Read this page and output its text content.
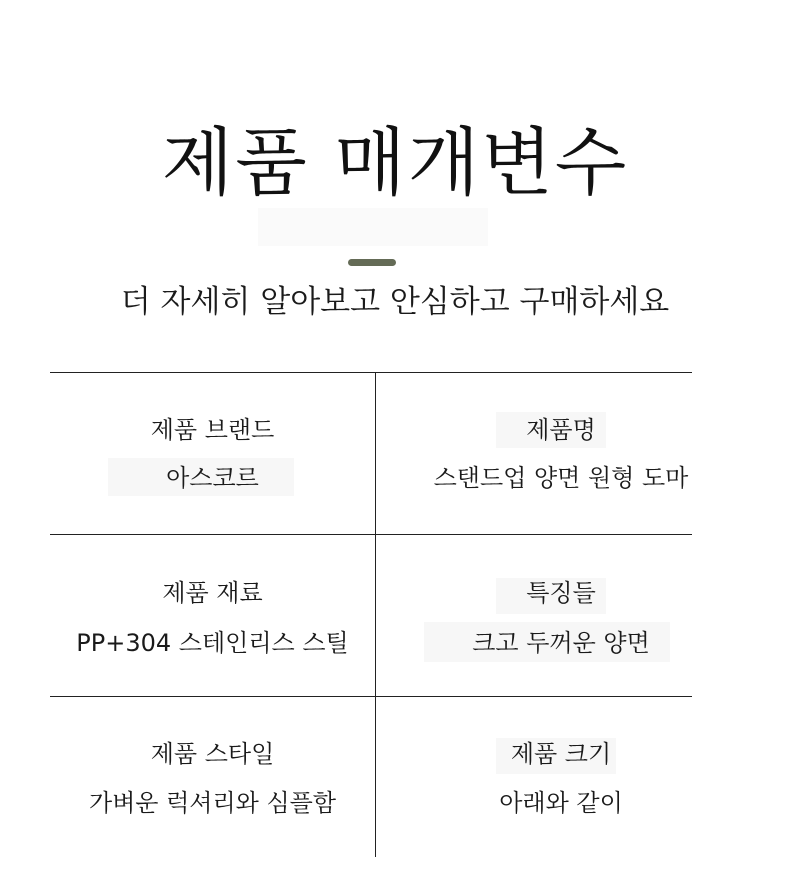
제품 매개변수
더 자세히 알아보고 안심하고 구매하세요
제품 브랜드
아스코르
제품명
스탠드업 양면 원형 도마
제품 재료
PP+304 스테인리스 스틸
특징들
크고 두꺼운 양면
제품 스타일
가벼운 럭셔리와 심플함
제품 크기
아래와 같이
